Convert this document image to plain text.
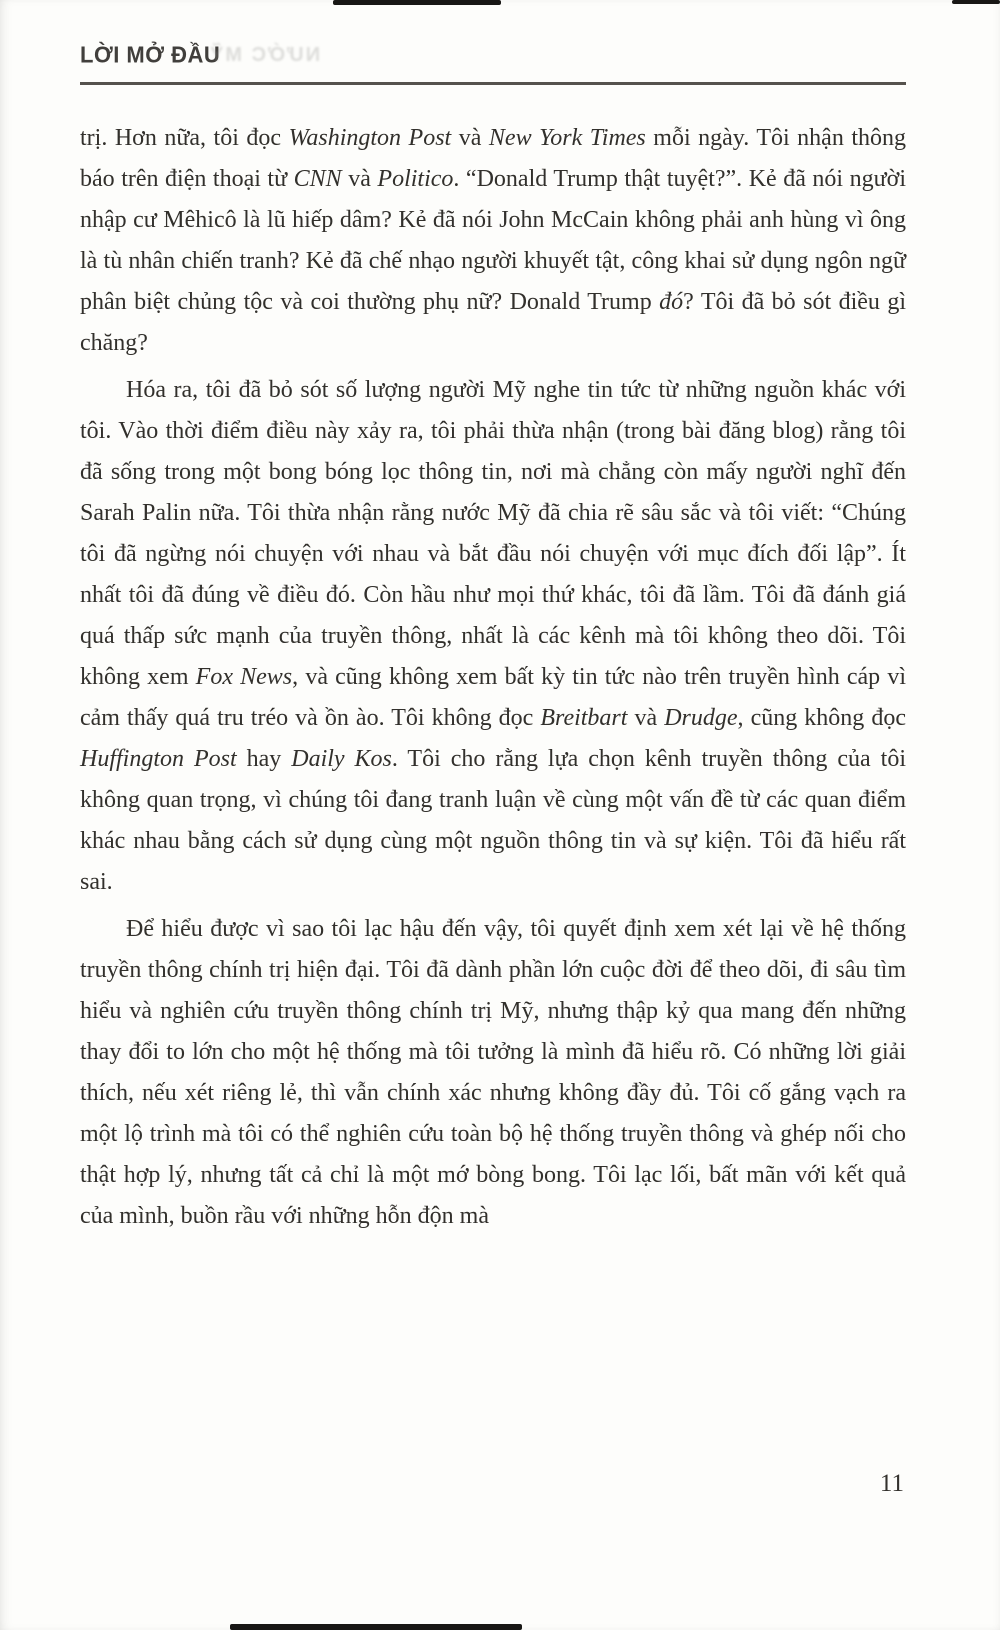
LỜI MỞ ĐẦU
NƯỚC MỸ

trị. Hơn nữa, tôi đọc Washington Post và New York Times mỗi ngày. Tôi nhận thông báo trên điện thoại từ CNN và Politico. “Donald Trump thật tuyệt?”. Kẻ đã nói người nhập cư Mêhicô là lũ hiếp dâm? Kẻ đã nói John McCain không phải anh hùng vì ông là tù nhân chiến tranh? Kẻ đã chế nhạo người khuyết tật, công khai sử dụng ngôn ngữ phân biệt chủng tộc và coi thường phụ nữ? Donald Trump đó? Tôi đã bỏ sót điều gì chăng?

Hóa ra, tôi đã bỏ sót số lượng người Mỹ nghe tin tức từ những nguồn khác với tôi. Vào thời điểm điều này xảy ra, tôi phải thừa nhận (trong bài đăng blog) rằng tôi đã sống trong một bong bóng lọc thông tin, nơi mà chẳng còn mấy người nghĩ đến Sarah Palin nữa. Tôi thừa nhận rằng nước Mỹ đã chia rẽ sâu sắc và tôi viết: “Chúng tôi đã ngừng nói chuyện với nhau và bắt đầu nói chuyện với mục đích đối lập”. Ít nhất tôi đã đúng về điều đó. Còn hầu như mọi thứ khác, tôi đã lầm. Tôi đã đánh giá quá thấp sức mạnh của truyền thông, nhất là các kênh mà tôi không theo dõi. Tôi không xem Fox News, và cũng không xem bất kỳ tin tức nào trên truyền hình cáp vì cảm thấy quá tru tréo và ồn ào. Tôi không đọc Breitbart và Drudge, cũng không đọc Huffington Post hay Daily Kos. Tôi cho rằng lựa chọn kênh truyền thông của tôi không quan trọng, vì chúng tôi đang tranh luận về cùng một vấn đề từ các quan điểm khác nhau bằng cách sử dụng cùng một nguồn thông tin và sự kiện. Tôi đã hiểu rất sai.

Để hiểu được vì sao tôi lạc hậu đến vậy, tôi quyết định xem xét lại về hệ thống truyền thông chính trị hiện đại. Tôi đã dành phần lớn cuộc đời để theo dõi, đi sâu tìm hiểu và nghiên cứu truyền thông chính trị Mỹ, nhưng thập kỷ qua mang đến những thay đổi to lớn cho một hệ thống mà tôi tưởng là mình đã hiểu rõ. Có những lời giải thích, nếu xét riêng lẻ, thì vẫn chính xác nhưng không đầy đủ. Tôi cố gắng vạch ra một lộ trình mà tôi có thể nghiên cứu toàn bộ hệ thống truyền thông và ghép nối cho thật hợp lý, nhưng tất cả chỉ là một mớ bòng bong. Tôi lạc lối, bất mãn với kết quả của mình, buồn rầu với những hỗn độn mà

11
